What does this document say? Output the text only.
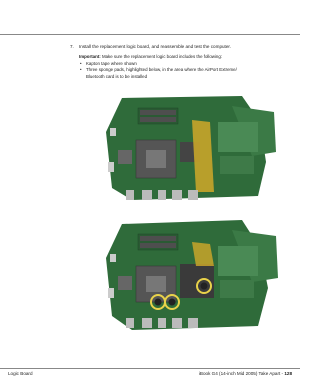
7. Install the replacement logic board, and reassemble and test the computer.
Important: Make sure the replacement logic board includes the following:
• Kapton tape where shown
• Three sponge pads, highlighted below, in the area where the AirPort Extreme/
Bluetooth card is to be installed
Logic Board	iBook G4 (14-inch Mid 2005) Take Apart - 128
